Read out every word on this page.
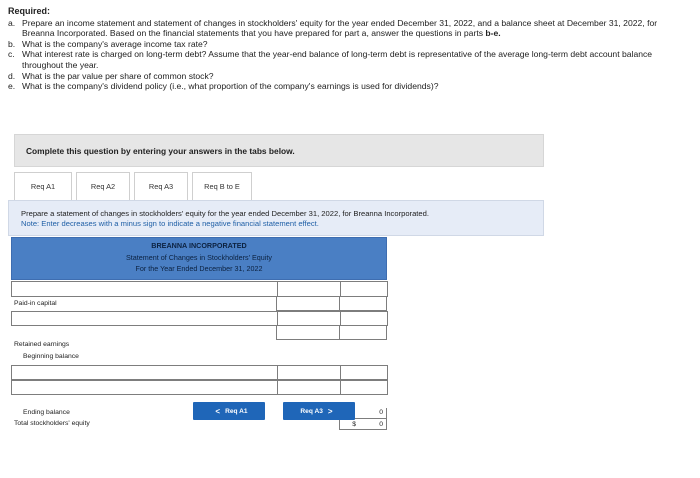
Required:
a. Prepare an income statement and statement of changes in stockholders' equity for the year ended December 31, 2022, and a balance sheet at December 31, 2022, for Breanna Incorporated. Based on the financial statements that you have prepared for part a, answer the questions in parts b-e.
b. What is the company's average income tax rate?
c. What interest rate is charged on long-term debt? Assume that the year-end balance of long-term debt is representative of the average long-term debt account balance throughout the year.
d. What is the par value per share of common stock?
e. What is the company's dividend policy (i.e., what proportion of the company's earnings is used for dividends)?
Complete this question by entering your answers in the tabs below.
Req A1	Req A2	Req A3	Req B to E
Prepare a statement of changes in stockholders' equity for the year ended December 31, 2022, for Breanna Incorporated.
Note: Enter decreases with a minus sign to indicate a negative financial statement effect.
BREANNA INCORPORATED
Statement of Changes in Stockholders' Equity
For the Year Ended December 31, 2022
Paid-in capital
Retained earnings
Beginning balance
Ending balance	0
Total stockholders' equity	$	0
< Req A1	Req A3 >
